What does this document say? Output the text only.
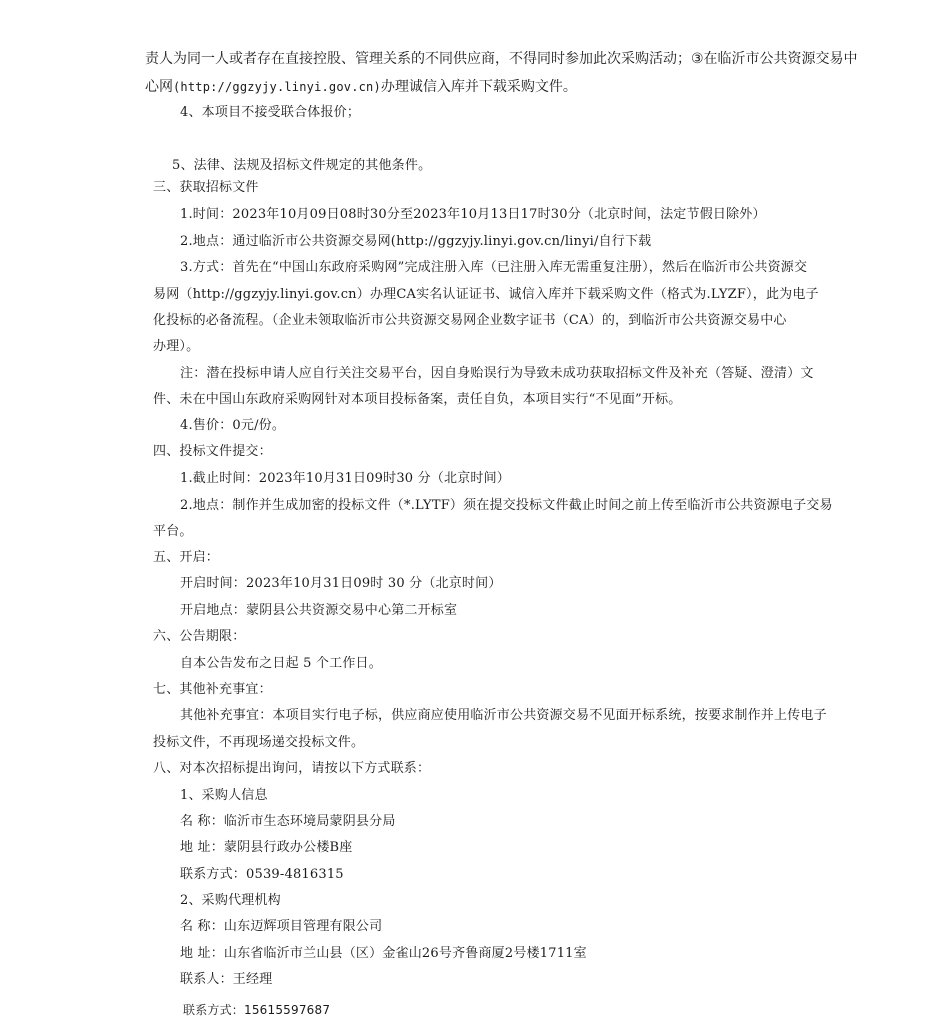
责人为同一人或者存在直接控股、管理关系的不同供应商，不得同时参加此次采购活动；③在临沂市公共资源交易中
心网(http://ggzyjy.linyi.gov.cn)办理诚信入库并下载采购文件。
4、本项目不接受联合体报价；
5、法律、法规及招标文件规定的其他条件。
三、获取招标文件
1.时间：2023年10月09日08时30分至2023年10月13日17时30分（北京时间，法定节假日除外）
2.地点：通过临沂市公共资源交易网(http://ggzyjy.linyi.gov.cn/linyi/自行下载
3.方式：首先在“中国山东政府采购网”完成注册入库（已注册入库无需重复注册），然后在临沂市公共资源交
易网（http://ggzyjy.linyi.gov.cn）办理CA实名认证证书、诚信入库并下载采购文件（格式为.LYZF），此为电子
化投标的必备流程。（企业未领取临沂市公共资源交易网企业数字证书（CA）的，到临沂市公共资源交易中心
办理）。
注：潜在投标申请人应自行关注交易平台，因自身贻误行为导致未成功获取招标文件及补充（答疑、澄清）文
件、未在中国山东政府采购网针对本项目投标备案，责任自负，本项目实行“不见面”开标。
4.售价：0元/份。
四、投标文件提交：
1.截止时间：2023年10月31日09时30 分（北京时间）
2.地点：制作并生成加密的投标文件（*.LYTF）须在提交投标文件截止时间之前上传至临沂市公共资源电子交易
平台。
五、开启：
开启时间：2023年10月31日09时 30 分（北京时间）
开启地点：蒙阴县公共资源交易中心第二开标室
六、公告期限：
自本公告发布之日起 5 个工作日。
七、其他补充事宜：
其他补充事宜：本项目实行电子标，供应商应使用临沂市公共资源交易不见面开标系统，按要求制作并上传电子
投标文件，不再现场递交投标文件。
八、对本次招标提出询问，请按以下方式联系：
1、采购人信息
名 称：临沂市生态环境局蒙阴县分局
地 址：蒙阴县行政办公楼B座
联系方式：0539-4816315
2、采购代理机构
名 称：山东迈辉项目管理有限公司
地 址：山东省临沂市兰山县（区）金雀山26号齐鲁商厦2号楼1711室
联系人：王经理
联系方式：15615597687
